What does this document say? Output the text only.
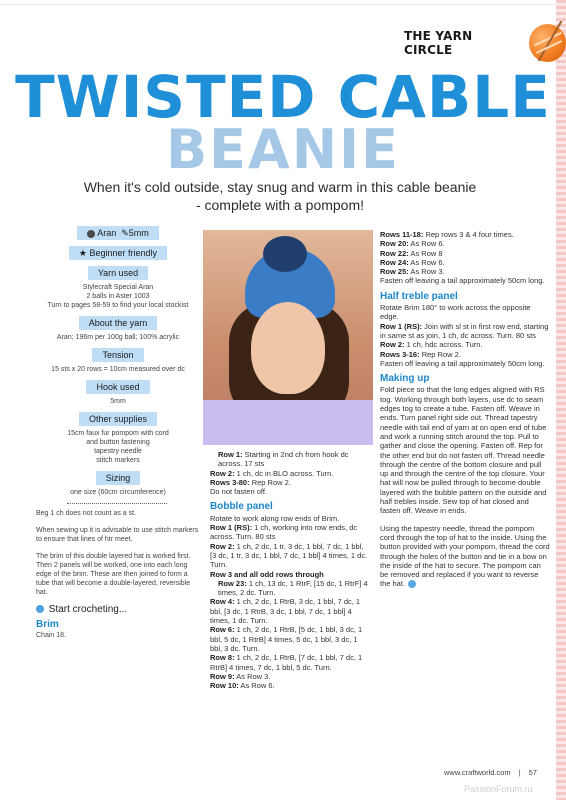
THE YARN CIRCLE
TWISTED CABLE
BEANIE
When it's cold outside, stay snug and warm in this cable beanie - complete with a pompom!
Aran ✎5mm
★ Beginner friendly
Yarn used
Stylecraft Special Aran
2 balls in Aster 1003
Turn to pages 58-59 to find your local stockist
About the yarn
Aran; 196m per 100g ball; 100% acrylic
Tension
15 sts x 20 rows = 10cm measured over dc
Hook used
5mm
Other supplies
15cm faux fur pompom with cord
and button fastening
tapestry needle
stitch markers
Sizing
one size (60cm circumference)

Beg 1 ch does not count as a st.

When sewing up it is advisable to use stitch markers to ensure that lines of htr meet.

The brim of this double layered hat is worked first. Then 2 panels will be worked, one into each long edge of the brim. These are then joined to form a tube that will become a double-layered, reversible hat.

Start crocheting...
Brim

Chain 18.

Row 1: Starting in 2nd ch from hook dc across. 17 sts

Row 2: 1 ch, dc in BLO across. Turn.

Rows 3-80: Rep Row 2.

Do not fasten off.

Bobble panel

Rotate to work along row ends of Brim.

Row 1 (RS): 1 ch, working into row ends, dc across. Turn. 80 sts

Row 2: 1 ch, 2 dc, 1 tr, 3 dc, 1 bbl, 7 dc, 1 bbl, [3 dc, 1 tr, 3 dc, 1 bbl, 7 dc, 1 bbl] 4 times, 1 dc. Turn.

Row 3 and all odd rows through

Row 23: 1 ch, 13 dc, 1 RtrF, [15 dc, 1 RtrF] 4 times, 2 dc. Turn.

Row 4: 1 ch, 2 dc, 1 RtrB, 3 dc, 1 bbl, 7 dc, 1 bbl, [3 dc, 1 RtrB, 3 dc, 1 bbl, 7 dc, 1 bbl] 4 times, 1 dc. Turn.

Row 6: 1 ch, 2 dc, 1 RtrB, [5 dc, 1 bbl, 3 dc, 1 bbl, 5 dc, 1 RtrB] 4 times, 5 dc, 1 bbl, 3 dc, 1 bbl, 3 dc. Turn.

Row 8: 1 ch, 2 dc, 1 RtrB, [7 dc, 1 bbl, 7 dc, 1 RtrB] 4 times, 7 dc, 1 bbl, 5 dc. Turn.

Row 9: As Row 3.

Row 10: As Row 6.

Rows 11-18: Rep rows 3 & 4 four times.

Row 20: As Row 6.

Row 22: As Row 8

Row 24: As Row 6.

Row 25: As Row 3.

Fasten off leaving a tail approximately 50cm long.

Half treble panel

Rotate Brim 180° to work across the opposite edge.

Row 1 (RS): Join with sl st in first row end, starting in same st as join, 1 ch, dc across. Turn. 80 sts

Row 2: 1 ch, hdc across. Turn.

Rows 3-16: Rep Row 2.

Fasten off leaving a tail approximately 50cm long.

Making up

Fold piece so that the long edges aligned with RS tog. Working through both layers, use dc to seam edges tog to create a tube. Fasten off. Weave in ends. Turn panel right side out. Thread tapestry needle with tail end of yarn at on open end of tube and work a running stitch around the top. Pull to gather and close the opening. Fasten off. Rep for the other end but do not fasten off. Thread needle through the centre of the bottom closure and pull up and through the centre of the top closure. Your hat will now be pulled through to become double layered with the bubble pattern on the outside and half trebles inside. Sew top of hat closed and fasten off. Weave in ends.

Using the tapestry needle, thread the pompom cord through the top of hat to the inside. Using the button provided with your pompom, thread the cord through the holes of the button and tie in a bow on the inside of the hat to secure. The pompom can be removed and replaced if you want to reverse the hat.

www.craftworld.com | 57
PassionForum.ru
